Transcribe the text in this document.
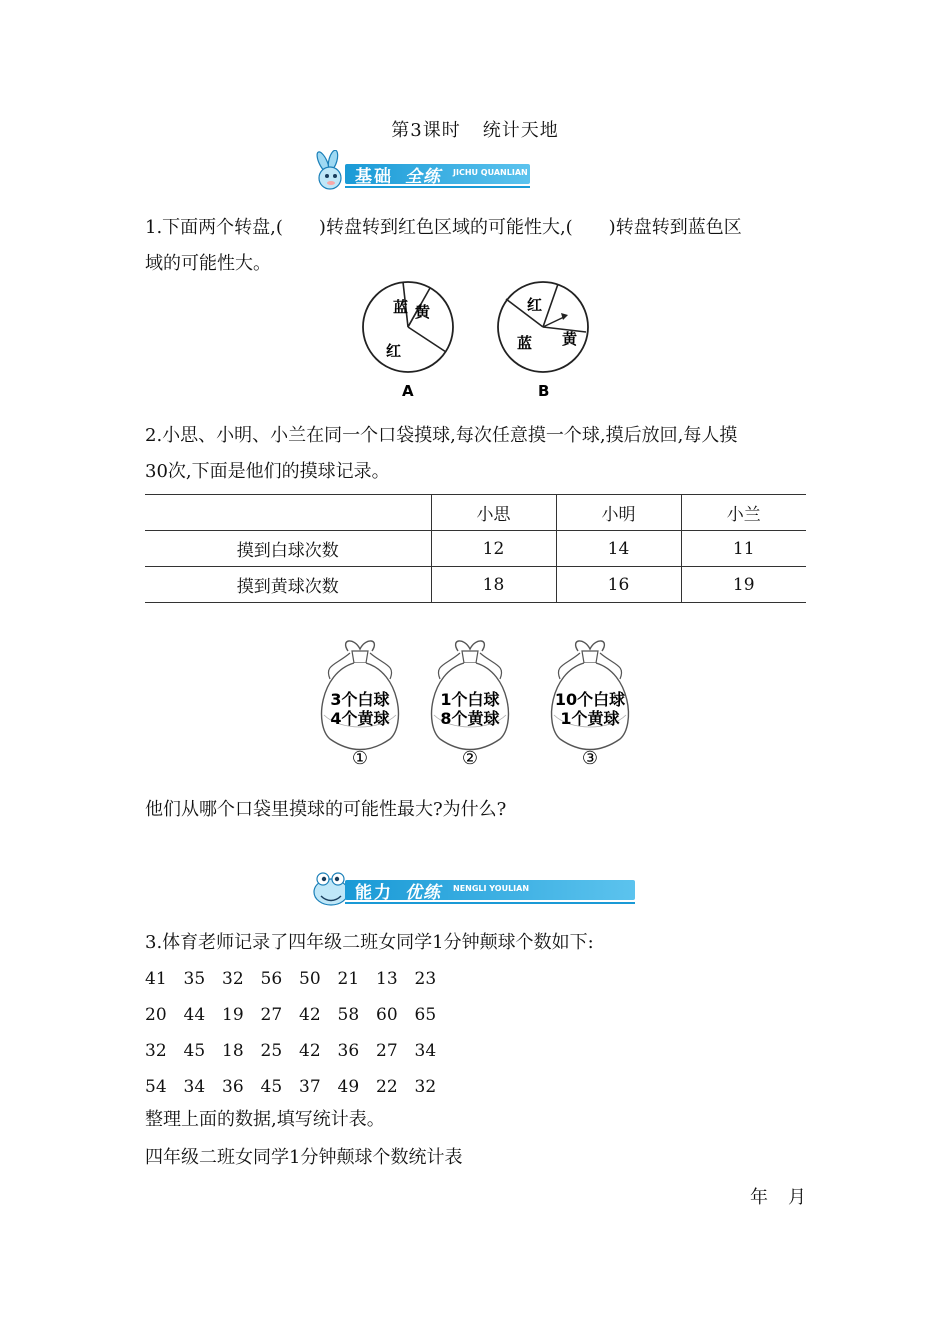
第3课时 统计天地
基础 全练 JICHU QUANLIAN
1.下面两个转盘,(　　)转盘转到红色区域的可能性大,(　　)转盘转到蓝色区
域的可能性大。
蓝 黄
红
A
红
黄
蓝
B
2.小思、小明、小兰在同一个口袋摸球,每次任意摸一个球,摸后放回,每人摸
30次,下面是他们的摸球记录。
	小思	小明	小兰
摸到白球次数	12	14	11
摸到黄球次数	18	16	19
3个白球
4个黄球
①
1个白球
8个黄球
②
10个白球
1个黄球
③
他们从哪个口袋里摸球的可能性最大?为什么?
能力 优练 NENGLI YOULIAN
3.体育老师记录了四年级二班女同学1分钟颠球个数如下:
41 35 32 56 50 21 13 23
20 44 19 27 42 58 60 65
32 45 18 25 42 36 27 34
54 34 36 45 37 49 22 32
整理上面的数据,填写统计表。
四年级二班女同学1分钟颠球个数统计表
年 月
